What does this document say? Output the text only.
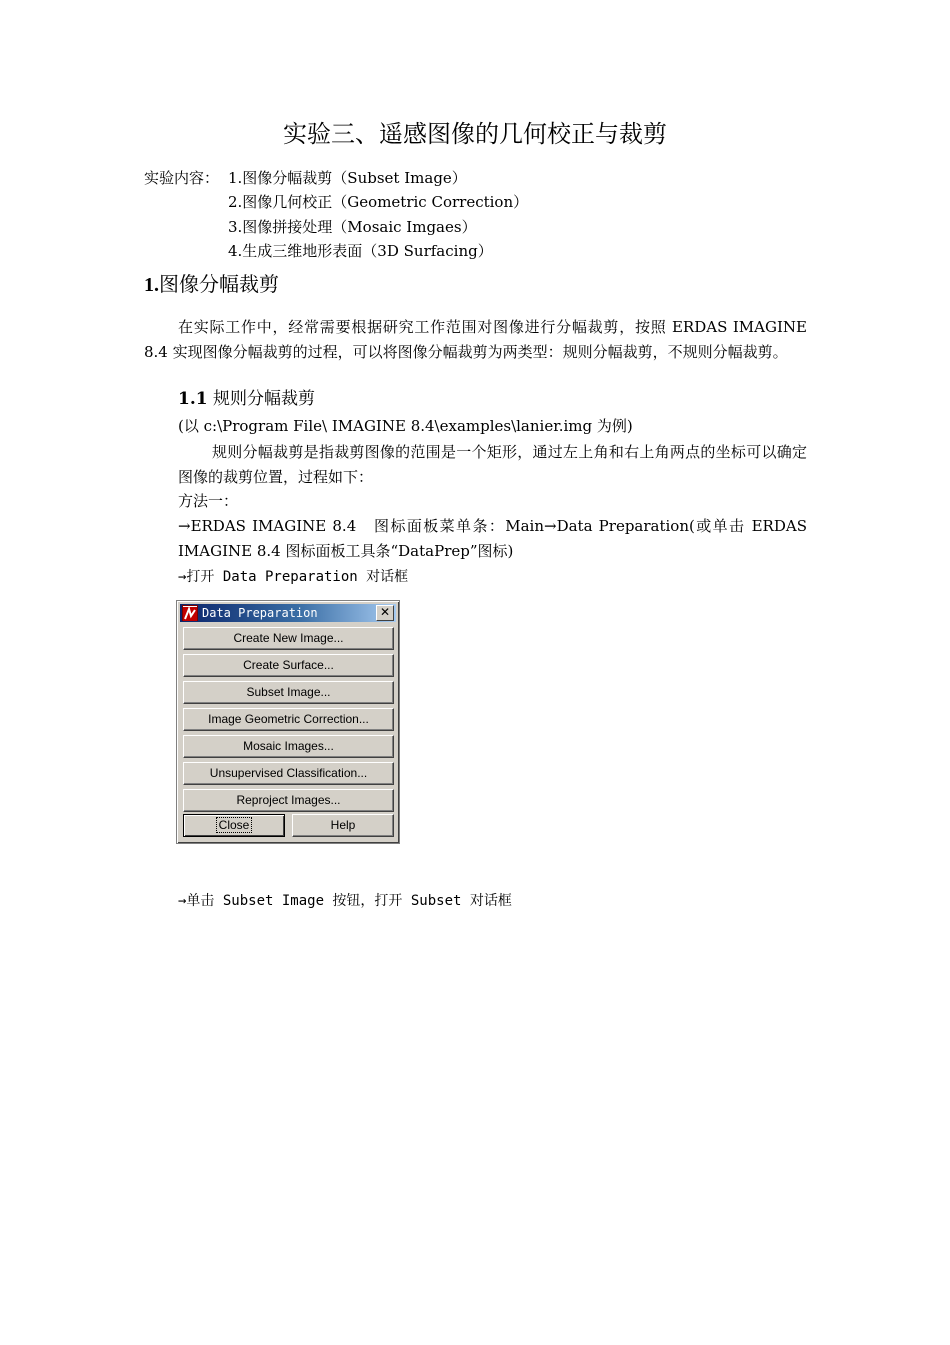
实验三、遥感图像的几何校正与裁剪
实验内容： 1.图像分幅裁剪（Subset Image）
2.图像几何校正（Geometric Correction）
3.图像拼接处理（Mosaic Imgaes）
4.生成三维地形表面（3D Surfacing）
1.图像分幅裁剪
在实际工作中，经常需要根据研究工作范围对图像进行分幅裁剪，按照 ERDAS IMAGINE 8.4 实现图像分幅裁剪的过程，可以将图像分幅裁剪为两类型：规则分幅裁剪，不规则分幅裁剪。
1.1 规则分幅裁剪
(以 c:\Program File\ IMAGINE 8.4\examples\lanier.img 为例)
规则分幅裁剪是指裁剪图像的范围是一个矩形，通过左上角和右上角两点的坐标可以确定图像的裁剪位置，过程如下：
方法一：
→ERDAS IMAGINE 8.4　图标面板菜单条：Main→Data Preparation(或单击 ERDAS IMAGINE 8.4 图标面板工具条“DataPrep”图标)
→打开 Data Preparation 对话框
Data Preparation	✕
Create New Image...
Create Surface...
Subset Image...
Image Geometric Correction...
Mosaic Images...
Unsupervised Classification...
Reproject Images...
Close	Help
→单击 Subset Image 按钮，打开 Subset 对话框
